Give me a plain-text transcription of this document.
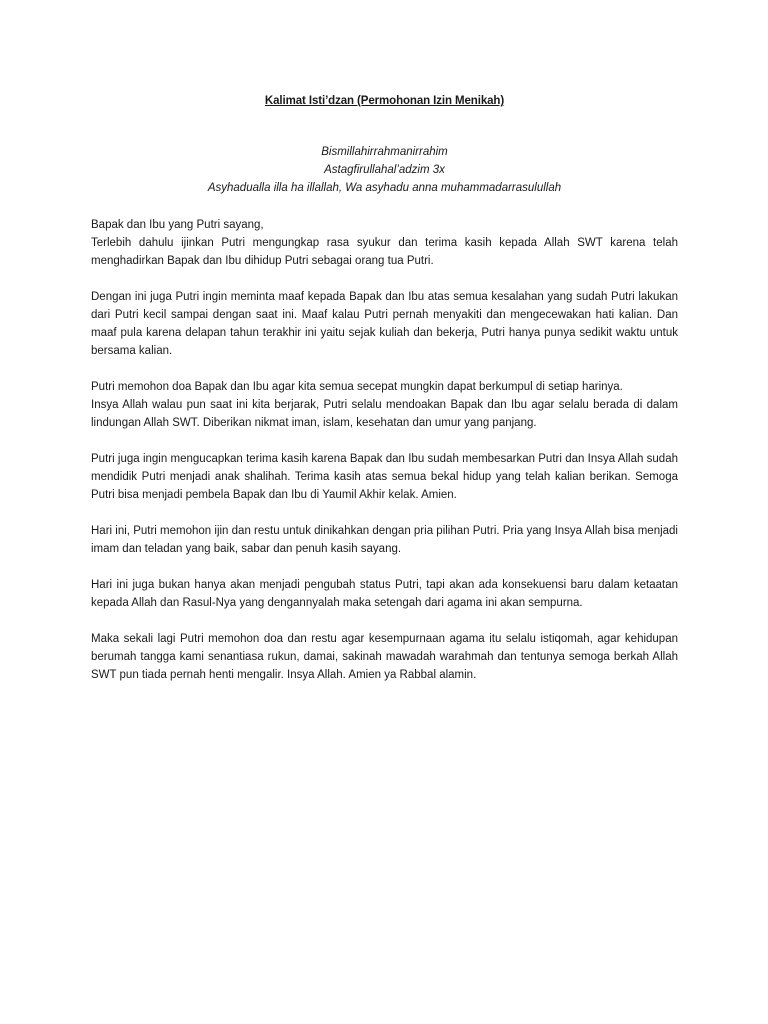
Kalimat Isti’dzan (Permohonan Izin Menikah)
Bismillahirrahmanirrahim
Astagfirullahal’adzim 3x
Asyhadualla illa ha illallah, Wa asyhadu anna muhammadarrasulullah
Bapak dan Ibu yang Putri sayang,
Terlebih dahulu ijinkan Putri mengungkap rasa syukur dan terima kasih kepada Allah SWT karena telah menghadirkan Bapak dan Ibu dihidup Putri sebagai orang tua Putri.
Dengan ini juga Putri ingin meminta maaf kepada Bapak dan Ibu atas semua kesalahan yang sudah Putri lakukan dari Putri kecil sampai dengan saat ini. Maaf kalau Putri pernah menyakiti dan mengecewakan hati kalian. Dan maaf pula karena delapan tahun terakhir ini yaitu sejak kuliah dan bekerja, Putri hanya punya sedikit waktu untuk bersama kalian.
Putri memohon doa Bapak dan Ibu agar kita semua secepat mungkin dapat berkumpul di setiap harinya.
Insya Allah walau pun saat ini kita berjarak, Putri selalu mendoakan Bapak dan Ibu agar selalu berada di dalam lindungan Allah SWT. Diberikan nikmat iman, islam, kesehatan dan umur yang panjang.
Putri juga ingin mengucapkan terima kasih karena Bapak dan Ibu sudah membesarkan Putri dan Insya Allah sudah mendidik Putri menjadi anak shalihah. Terima kasih atas semua bekal hidup yang telah kalian berikan. Semoga Putri bisa menjadi pembela Bapak dan Ibu di Yaumil Akhir kelak. Amien.
Hari ini, Putri memohon ijin dan restu untuk dinikahkan dengan pria pilihan Putri. Pria yang Insya Allah bisa menjadi imam dan teladan yang baik, sabar dan penuh kasih sayang.
Hari ini juga bukan hanya akan menjadi pengubah status Putri, tapi akan ada konsekuensi baru dalam ketaatan kepada Allah dan Rasul-Nya yang dengannyalah maka setengah dari agama ini akan sempurna.
Maka sekali lagi Putri memohon doa dan restu agar kesempurnaan agama itu selalu istiqomah, agar kehidupan berumah tangga kami senantiasa rukun, damai, sakinah mawadah warahmah dan tentunya semoga berkah Allah SWT pun tiada pernah henti mengalir. Insya Allah. Amien ya Rabbal alamin.
